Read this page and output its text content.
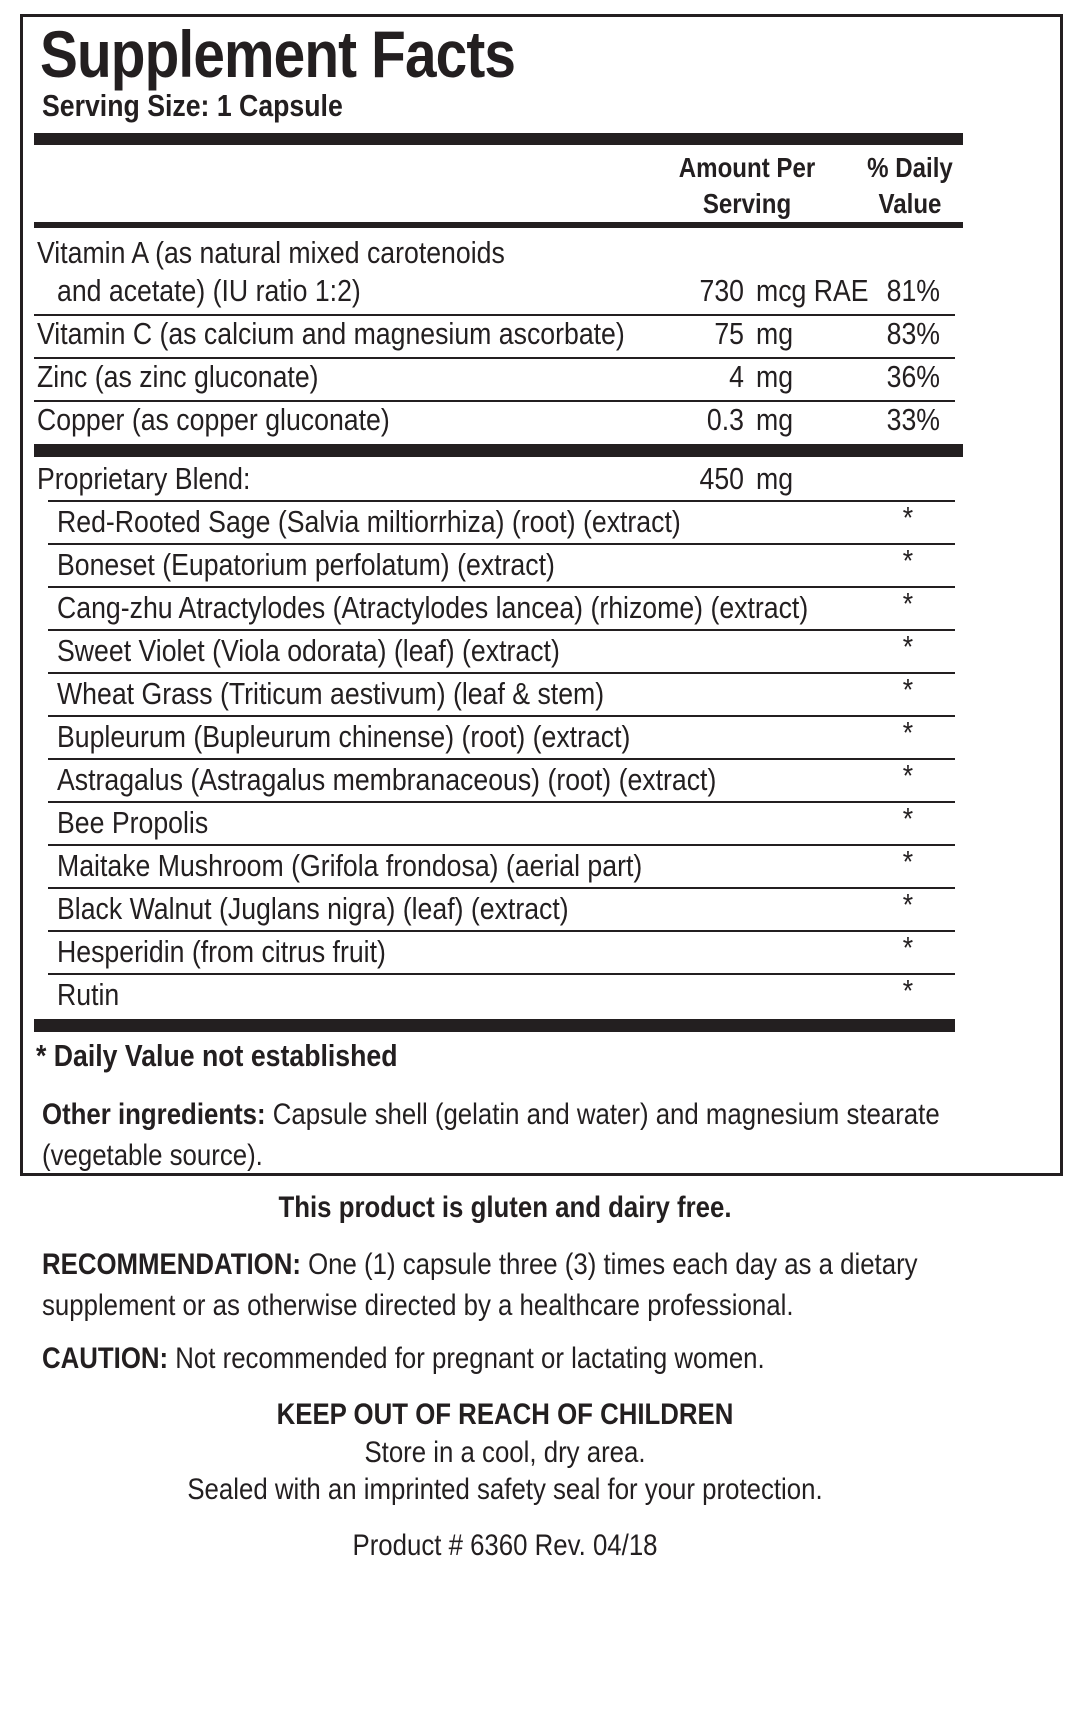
Supplement Facts
Serving Size: 1 Capsule
Amount Per
Serving
% Daily
Value
Vitamin A (as natural mixed carotenoids
and acetate) (IU ratio 1:2)	730 mcg RAE 81%
Vitamin C (as calcium and magnesium ascorbate)	75 mg	83%
Zinc (as zinc gluconate)	4 mg	36%
Copper (as copper gluconate)	0.3 mg	33%
Proprietary Blend:	450 mg
Red-Rooted Sage (Salvia miltiorrhiza) (root) (extract)	*
Boneset (Eupatorium perfolatum) (extract)	*
Cang-zhu Atractylodes (Atractylodes lancea) (rhizome) (extract)	*
Sweet Violet (Viola odorata) (leaf) (extract)	*
Wheat Grass (Triticum aestivum) (leaf & stem)	*
Bupleurum (Bupleurum chinense) (root) (extract)	*
Astragalus (Astragalus membranaceous) (root) (extract)	*
Bee Propolis	*
Maitake Mushroom (Grifola frondosa) (aerial part)	*
Black Walnut (Juglans nigra) (leaf) (extract)	*
Hesperidin (from citrus fruit)	*
Rutin	*
* Daily Value not established
Other ingredients: Capsule shell (gelatin and water) and magnesium stearate
(vegetable source).
This product is gluten and dairy free.
RECOMMENDATION: One (1) capsule three (3) times each day as a dietary
supplement or as otherwise directed by a healthcare professional.
CAUTION: Not recommended for pregnant or lactating women.
KEEP OUT OF REACH OF CHILDREN
Store in a cool, dry area.
Sealed with an imprinted safety seal for your protection.
Product # 6360 Rev. 04/18
